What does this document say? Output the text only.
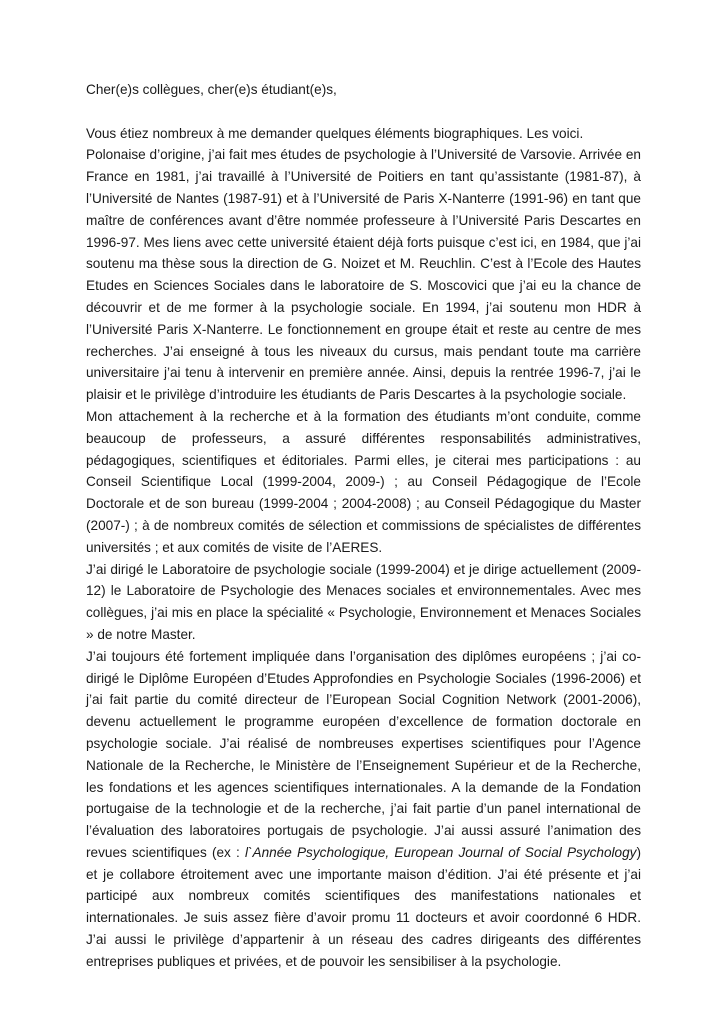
Cher(e)s collègues, cher(e)s étudiant(e)s,

Vous étiez nombreux à me demander quelques éléments biographiques. Les voici.

Polonaise d’origine, j’ai fait mes études de psychologie à l’Université de Varsovie. Arrivée en France en 1981, j’ai travaillé à l’Université de Poitiers en tant qu’assistante (1981-87), à l’Université de Nantes (1987-91) et à l’Université de Paris X-Nanterre (1991-96) en tant que maître de conférences avant d’être nommée professeure à l’Université Paris Descartes en 1996-97. Mes liens avec cette université étaient déjà forts puisque c’est ici, en 1984, que j’ai soutenu ma thèse sous la direction de G. Noizet et M. Reuchlin. C’est à l’Ecole des Hautes Etudes en Sciences Sociales dans le laboratoire de S. Moscovici que j’ai eu la chance de découvrir et de me former à la psychologie sociale. En 1994, j’ai soutenu mon HDR à l’Université Paris X-Nanterre. Le fonctionnement en groupe était et reste au centre de mes recherches. J’ai enseigné à tous les niveaux du cursus, mais pendant toute ma carrière universitaire j’ai tenu à intervenir en première année. Ainsi, depuis la rentrée 1996-7, j’ai le plaisir et le privilège d’introduire les étudiants de Paris Descartes à la psychologie sociale.

Mon attachement à la recherche et à la formation des étudiants m’ont conduite, comme beaucoup de professeurs, a assuré différentes responsabilités administratives, pédagogiques, scientifiques et éditoriales. Parmi elles, je citerai mes participations : au Conseil Scientifique Local (1999-2004, 2009-) ; au Conseil Pédagogique de l’Ecole Doctorale et de son bureau (1999-2004 ; 2004-2008) ; au Conseil Pédagogique du Master (2007-) ; à de nombreux comités de sélection et commissions de spécialistes de différentes universités ; et aux comités de visite de l’AERES.

J’ai dirigé le Laboratoire de psychologie sociale (1999-2004) et je dirige actuellement (2009-12) le Laboratoire de Psychologie des Menaces sociales et environnementales. Avec mes collègues, j’ai mis en place la spécialité « Psychologie, Environnement et Menaces Sociales » de notre Master.

J’ai toujours été fortement impliquée dans l’organisation des diplômes européens ; j’ai co-dirigé le Diplôme Européen d’Etudes Approfondies en Psychologie Sociales (1996-2006) et j’ai fait partie du comité directeur de l’European Social Cognition Network (2001-2006), devenu actuellement le programme européen d’excellence de formation doctorale en psychologie sociale. J’ai réalisé de nombreuses expertises scientifiques pour l’Agence Nationale de la Recherche, le Ministère de l’Enseignement Supérieur et de la Recherche, les fondations et les agences scientifiques internationales. A la demande de la Fondation portugaise de la technologie et de la recherche, j’ai fait partie d’un panel international de l’évaluation des laboratoires portugais de psychologie. J’ai aussi assuré l’animation des revues scientifiques (ex : l`Année Psychologique, European Journal of Social Psychology) et je collabore étroitement avec une importante maison d’édition. J’ai été présente et j’ai participé aux nombreux comités scientifiques des manifestations nationales et internationales. Je suis assez fière d’avoir promu 11 docteurs et avoir coordonné 6 HDR. J’ai aussi le privilège d’appartenir à un réseau des cadres dirigeants des différentes entreprises publiques et privées, et de pouvoir les sensibiliser à la psychologie.
